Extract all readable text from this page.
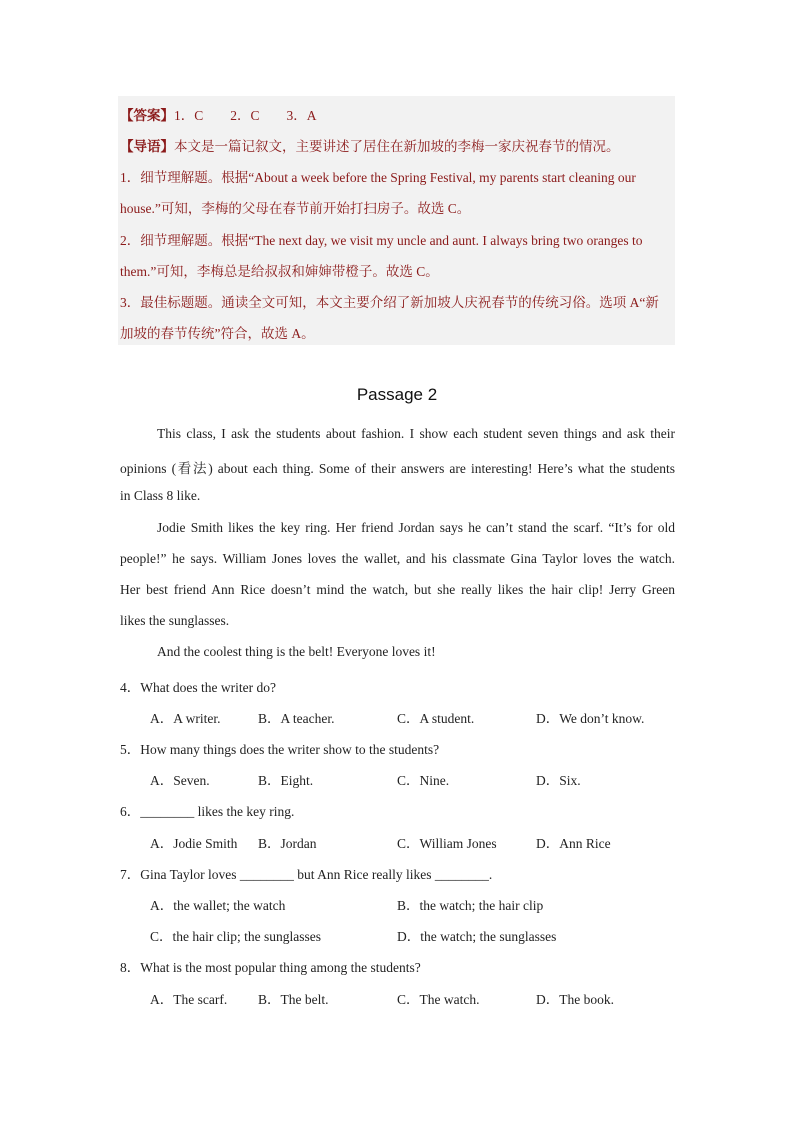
【答案】1．C　　2．C　　3．A
【导语】本文是一篇记叙文，主要讲述了居住在新加坡的李梅一家庆祝春节的情况。
1．细节理解题。根据“About a week before the Spring Festival, my parents start cleaning our
house.”可知，李梅的父母在春节前开始打扫房子。故选 C。
2．细节理解题。根据“The next day, we visit my uncle and aunt. I always bring two oranges to
them.”可知，李梅总是给叔叔和婶婶带橙子。故选 C。
3．最佳标题题。通读全文可知，本文主要介绍了新加坡人庆祝春节的传统习俗。选项 A“新
加坡的春节传统”符合，故选 A。
Passage 2
This class, I ask the students about fashion. I show each student seven things and ask their
opinions (看法) about each thing. Some of their answers are interesting! Here’s what the students
in Class 8 like.
Jodie Smith likes the key ring. Her friend Jordan says he can’t stand the scarf. “It’s for old
people!” he says. William Jones loves the wallet, and his classmate Gina Taylor loves the watch.
Her best friend Ann Rice doesn’t mind the watch, but she really likes the hair clip! Jerry Green
likes the sunglasses.
And the coolest thing is the belt! Everyone loves it!
4．What does the writer do?
A．A writer.	B．A teacher.	C．A student.	D．We don’t know.
5．How many things does the writer show to the students?
A．Seven.	B．Eight.	C．Nine.	D．Six.
6．________ likes the key ring.
A．Jodie Smith B．Jordan	C．William Jones	D．Ann Rice
7．Gina Taylor loves ________ but Ann Rice really likes ________.
A．the wallet; the watch	B．the watch; the hair clip
C．the hair clip; the sunglasses	D．the watch; the sunglasses
8．What is the most popular thing among the students?
A．The scarf. B．The belt.	C．The watch.	D．The book.
